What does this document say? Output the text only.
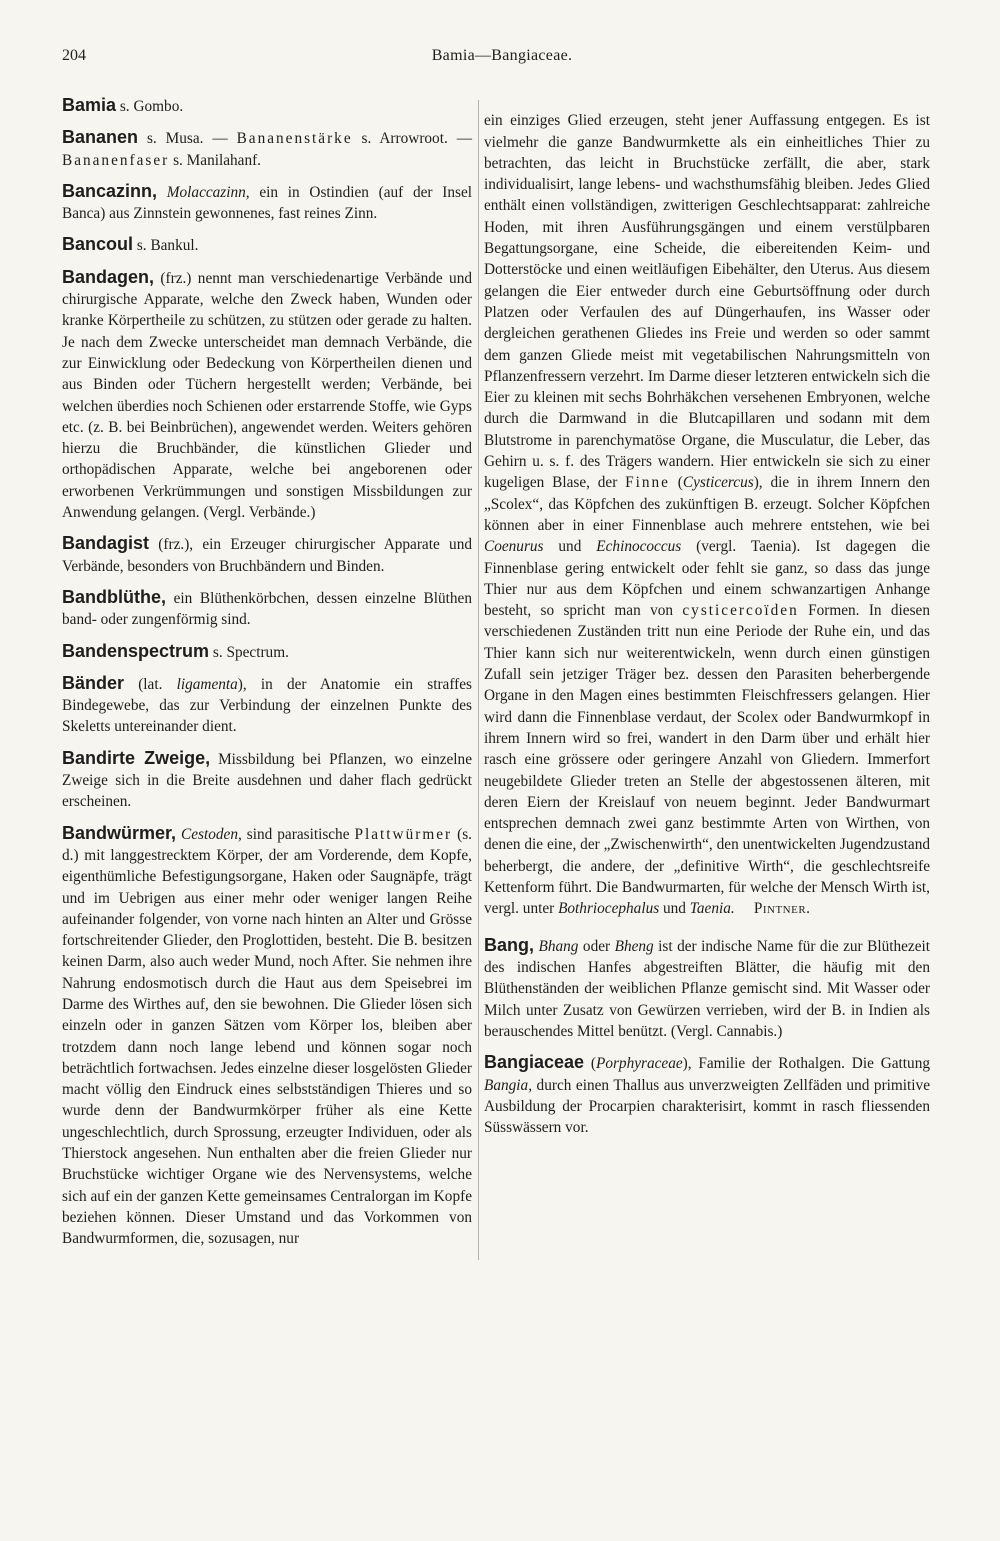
204	Bamia—Bangiaceae.

Bamia s. Gombo.

Bananen s. Musa. — Bananenstärke s. Arrowroot. — Bananenfaser s. Manilahanf.

Bancazinn, Molaccazinn, ein in Ostindien (auf der Insel Banca) aus Zinnstein gewonnenes, fast reines Zinn.

Bancoul s. Bankul.

Bandagen, (frz.) nennt man verschiedenartige Verbände und chirurgische Apparate, welche den Zweck haben, Wunden oder kranke Körpertheile zu schützen, zu stützen oder gerade zu halten. Je nach dem Zwecke unterscheidet man demnach Verbände, die zur Einwicklung oder Bedeckung von Körpertheilen dienen und aus Binden oder Tüchern hergestellt werden; Verbände, bei welchen überdies noch Schienen oder erstarrende Stoffe, wie Gyps etc. (z. B. bei Beinbrüchen), angewendet werden. Weiters gehören hierzu die Bruchbänder, die künstlichen Glieder und orthopädischen Apparate, welche bei angeborenen oder erworbenen Verkrümmungen und sonstigen Missbildungen zur Anwendung gelangen. (Vergl. Verbände.)

Bandagist (frz.), ein Erzeuger chirurgischer Apparate und Verbände, besonders von Bruchbändern und Binden.

Bandblüthe, ein Blüthenkörbchen, dessen einzelne Blüthen band- oder zungenförmig sind.

Bandenspectrum s. Spectrum.

Bänder (lat. ligamenta), in der Anatomie ein straffes Bindegewebe, das zur Verbindung der einzelnen Punkte des Skeletts untereinander dient.

Bandirte Zweige, Missbildung bei Pflanzen, wo einzelne Zweige sich in die Breite ausdehnen und daher flach gedrückt erscheinen.

Bandwürmer, Cestoden, sind parasitische Plattwürmer (s. d.) mit langgestrecktem Körper, der am Vorderende, dem Kopfe, eigenthümliche Befestigungsorgane, Haken oder Saugnäpfe, trägt und im Uebrigen aus einer mehr oder weniger langen Reihe aufeinander folgender, von vorne nach hinten an Alter und Grösse fortschreitender Glieder, den Proglottiden, besteht. Die B. besitzen keinen Darm, also auch weder Mund, noch After. Sie nehmen ihre Nahrung endosmotisch durch die Haut aus dem Speisebrei im Darme des Wirthes auf, den sie bewohnen. Die Glieder lösen sich einzeln oder in ganzen Sätzen vom Körper los, bleiben aber trotzdem dann noch lange lebend und können sogar noch beträchtlich fortwachsen. Jedes einzelne dieser losgelösten Glieder macht völlig den Eindruck eines selbstständigen Thieres und so wurde denn der Bandwurmkörper früher als eine Kette ungeschlechtlich, durch Sprossung, erzeugter Individuen, oder als Thierstock angesehen. Nun enthalten aber die freien Glieder nur Bruchstücke wichtiger Organe wie des Nervensystems, welche sich auf ein der ganzen Kette gemeinsames Centralorgan im Kopfe beziehen können. Dieser Umstand und das Vorkommen von Bandwurmformen, die, sozusagen, nur

ein einziges Glied erzeugen, steht jener Auffassung entgegen. Es ist vielmehr die ganze Bandwurmkette als ein einheitliches Thier zu betrachten, das leicht in Bruchstücke zerfällt, die aber, stark individualisirt, lange lebens- und wachsthumsfähig bleiben. Jedes Glied enthält einen vollständigen, zwitterigen Geschlechtsapparat: zahlreiche Hoden, mit ihren Ausführungsgängen und einem verstülpbaren Begattungsorgane, eine Scheide, die eibereitenden Keim- und Dotterstöcke und einen weitläufigen Eibehälter, den Uterus. Aus diesem gelangen die Eier entweder durch eine Geburtsöffnung oder durch Platzen oder Verfaulen des auf Düngerhaufen, ins Wasser oder dergleichen gerathenen Gliedes ins Freie und werden so oder sammt dem ganzen Gliede meist mit vegetabilischen Nahrungsmitteln von Pflanzenfressern verzehrt. Im Darme dieser letzteren entwickeln sich die Eier zu kleinen mit sechs Bohrhäkchen versehenen Embryonen, welche durch die Darmwand in die Blutcapillaren und sodann mit dem Blutstrome in parenchymatöse Organe, die Musculatur, die Leber, das Gehirn u. s. f. des Trägers wandern. Hier entwickeln sie sich zu einer kugeligen Blase, der Finne (Cysticercus), die in ihrem Innern den „Scolex“, das Köpfchen des zukünftigen B. erzeugt. Solcher Köpfchen können aber in einer Finnenblase auch mehrere entstehen, wie bei Coenurus und Echinococcus (vergl. Taenia). Ist dagegen die Finnenblase gering entwickelt oder fehlt sie ganz, so dass das junge Thier nur aus dem Köpfchen und einem schwanzartigen Anhange besteht, so spricht man von cysticercoïden Formen. In diesen verschiedenen Zuständen tritt nun eine Periode der Ruhe ein, und das Thier kann sich nur weiterentwickeln, wenn durch einen günstigen Zufall sein jetziger Träger bez. dessen den Parasiten beherbergende Organe in den Magen eines bestimmten Fleischfressers gelangen. Hier wird dann die Finnenblase verdaut, der Scolex oder Bandwurmkopf in ihrem Innern wird so frei, wandert in den Darm über und erhält hier rasch eine grössere oder geringere Anzahl von Gliedern. Immerfort neugebildete Glieder treten an Stelle der abgestossenen älteren, mit deren Eiern der Kreislauf von neuem beginnt. Jeder Bandwurmart entsprechen demnach zwei ganz bestimmte Arten von Wirthen, von denen die eine, der „Zwischenwirth“, den unentwickelten Jugendzustand beherbergt, die andere, der „definitive Wirth“, die geschlechtsreife Kettenform führt. Die Bandwurmarten, für welche der Mensch Wirth ist, vergl. unter Bothriocephalus und Taenia. Pintner.

Bang, Bhang oder Bheng ist der indische Name für die zur Blüthezeit des indischen Hanfes abgestreiften Blätter, die häufig mit den Blüthenständen der weiblichen Pflanze gemischt sind. Mit Wasser oder Milch unter Zusatz von Gewürzen verrieben, wird der B. in Indien als berauschendes Mittel benützt. (Vergl. Cannabis.)

Bangiaceae (Porphyraceae), Familie der Rothalgen. Die Gattung Bangia, durch einen Thallus aus unverzweigten Zellfäden und primitive Ausbildung der Procarpien charakterisirt, kommt in rasch fliessenden Süsswässern vor.
